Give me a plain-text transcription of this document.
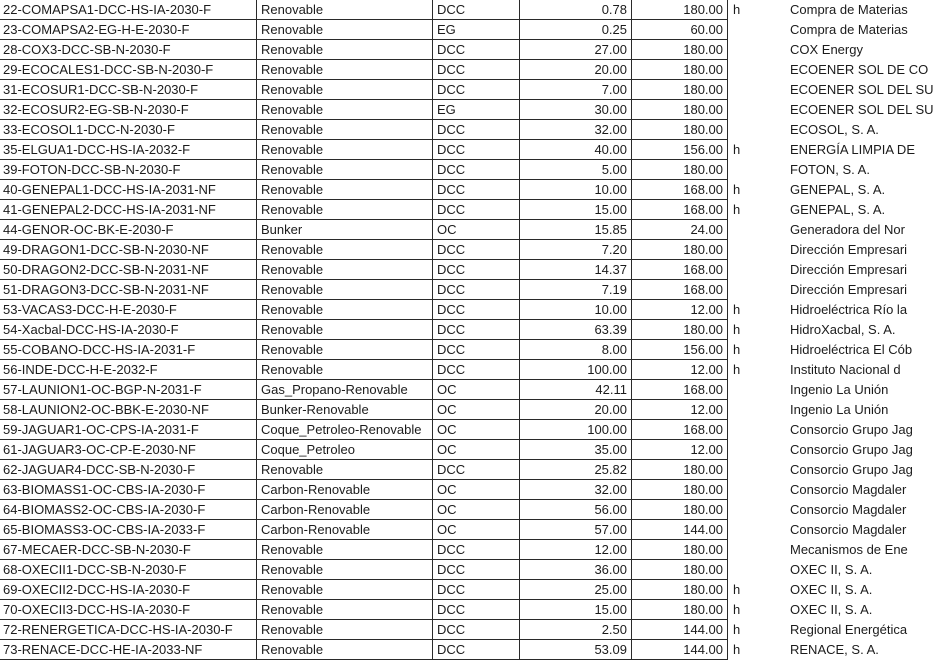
22-COMAPSA1-DCC-HS-IA-2030-F	Renovable	DCC	0.78	180.00 h	Compra de Materias
23-COMAPSA2-EG-H-E-2030-F	Renovable	EG	0.25	60.00	Compra de Materias
28-COX3-DCC-SB-N-2030-F	Renovable	DCC	27.00	180.00	COX Energy
29-ECOCALES1-DCC-SB-N-2030-F	Renovable	DCC	20.00	180.00	ECOENER SOL DE CO
31-ECOSUR1-DCC-SB-N-2030-F	Renovable	DCC	7.00	180.00	ECOENER SOL DEL SU
32-ECOSUR2-EG-SB-N-2030-F	Renovable	EG	30.00	180.00	ECOENER SOL DEL SU
33-ECOSOL1-DCC-N-2030-F	Renovable	DCC	32.00	180.00	ECOSOL, S. A.
35-ELGUA1-DCC-HS-IA-2032-F	Renovable	DCC	40.00	156.00 h	ENERGÍA LIMPIA DE
39-FOTON-DCC-SB-N-2030-F	Renovable	DCC	5.00	180.00	FOTON, S. A.
40-GENEPAL1-DCC-HS-IA-2031-NF	Renovable	DCC	10.00	168.00 h	GENEPAL, S. A.
41-GENEPAL2-DCC-HS-IA-2031-NF	Renovable	DCC	15.00	168.00 h	GENEPAL, S. A.
44-GENOR-OC-BK-E-2030-F	Bunker	OC	15.85	24.00	Generadora del Nor
49-DRAGON1-DCC-SB-N-2030-NF	Renovable	DCC	7.20	180.00	Dirección Empresari
50-DRAGON2-DCC-SB-N-2031-NF	Renovable	DCC	14.37	168.00	Dirección Empresari
51-DRAGON3-DCC-SB-N-2031-NF	Renovable	DCC	7.19	168.00	Dirección Empresari
53-VACAS3-DCC-H-E-2030-F	Renovable	DCC	10.00	12.00 h	Hidroeléctrica Río la
54-Xacbal-DCC-HS-IA-2030-F	Renovable	DCC	63.39	180.00 h	HidroXacbal, S. A.
55-COBANO-DCC-HS-IA-2031-F	Renovable	DCC	8.00	156.00 h	Hidroeléctrica El Cób
56-INDE-DCC-H-E-2032-F	Renovable	DCC	100.00	12.00 h	Instituto Nacional d
57-LAUNION1-OC-BGP-N-2031-F	Gas_Propano-Renovable	OC	42.11	168.00	Ingenio La Unión
58-LAUNION2-OC-BBK-E-2030-NF	Bunker-Renovable	OC	20.00	12.00	Ingenio La Unión
59-JAGUAR1-OC-CPS-IA-2031-F	Coque_Petroleo-Renovable	OC	100.00	168.00	Consorcio Grupo Jag
61-JAGUAR3-OC-CP-E-2030-NF	Coque_Petroleo	OC	35.00	12.00	Consorcio Grupo Jag
62-JAGUAR4-DCC-SB-N-2030-F	Renovable	DCC	25.82	180.00	Consorcio Grupo Jag
63-BIOMASS1-OC-CBS-IA-2030-F	Carbon-Renovable	OC	32.00	180.00	Consorcio Magdaler
64-BIOMASS2-OC-CBS-IA-2030-F	Carbon-Renovable	OC	56.00	180.00	Consorcio Magdaler
65-BIOMASS3-OC-CBS-IA-2033-F	Carbon-Renovable	OC	57.00	144.00	Consorcio Magdaler
67-MECAER-DCC-SB-N-2030-F	Renovable	DCC	12.00	180.00	Mecanismos de Ene
68-OXECII1-DCC-SB-N-2030-F	Renovable	DCC	36.00	180.00	OXEC II, S. A.
69-OXECII2-DCC-HS-IA-2030-F	Renovable	DCC	25.00	180.00 h	OXEC II, S. A.
70-OXECII3-DCC-HS-IA-2030-F	Renovable	DCC	15.00	180.00 h	OXEC II, S. A.
72-RENERGETICA-DCC-HS-IA-2030-F	Renovable	DCC	2.50	144.00 h	Regional Energética
73-RENACE-DCC-HE-IA-2033-NF	Renovable	DCC	53.09	144.00 h	RENACE, S. A.
